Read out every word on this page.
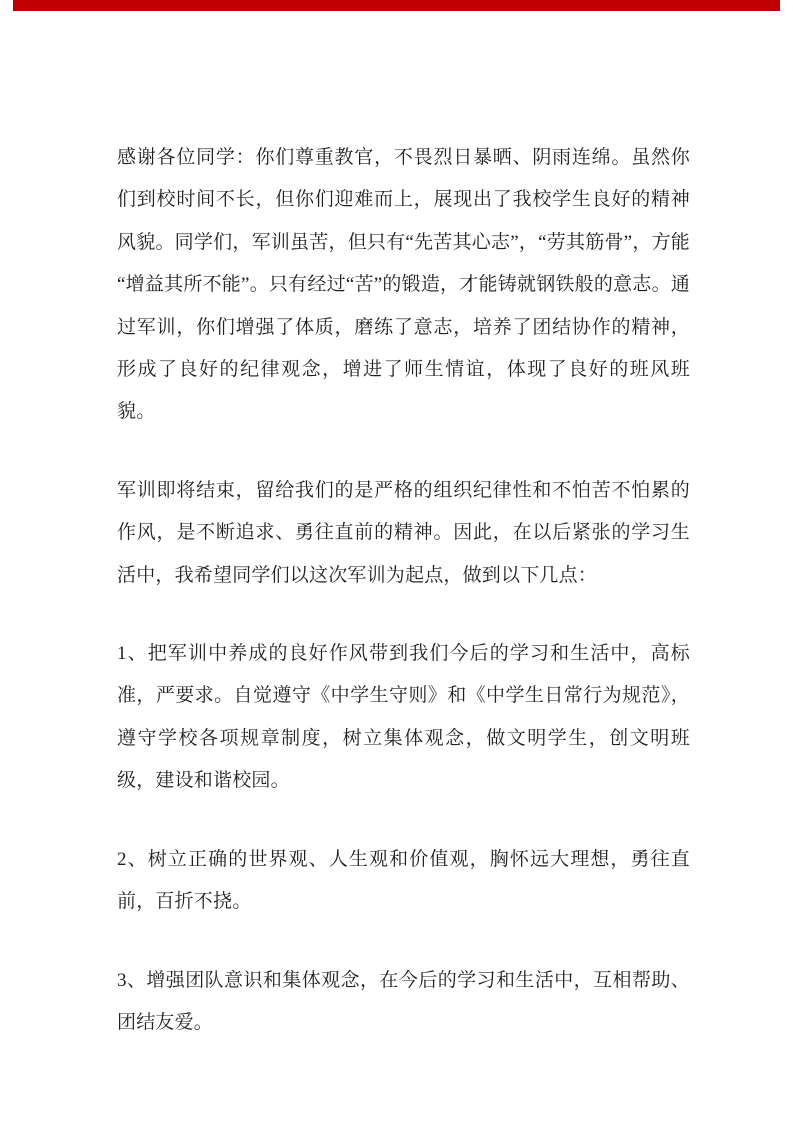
感谢各位同学：你们尊重教官，不畏烈日暴晒、阴雨连绵。虽然你们到校时间不长，但你们迎难而上，展现出了我校学生良好的精神风貌。同学们，军训虽苦，但只有“先苦其心志”，“劳其筋骨”，方能“增益其所不能”。只有经过“苦”的锻造，才能铸就钢铁般的意志。通过军训，你们增强了体质，磨练了意志，培养了团结协作的精神，形成了良好的纪律观念，增进了师生情谊，体现了良好的班风班貌。

军训即将结束，留给我们的是严格的组织纪律性和不怕苦不怕累的作风，是不断追求、勇往直前的精神。因此，在以后紧张的学习生活中，我希望同学们以这次军训为起点，做到以下几点：

1、把军训中养成的良好作风带到我们今后的学习和生活中，高标准，严要求。自觉遵守《中学生守则》和《中学生日常行为规范》，遵守学校各项规章制度，树立集体观念，做文明学生，创文明班级，建设和谐校园。

2、树立正确的世界观、人生观和价值观，胸怀远大理想，勇往直前，百折不挠。

3、增强团队意识和集体观念，在今后的学习和生活中，互相帮助、团结友爱。
